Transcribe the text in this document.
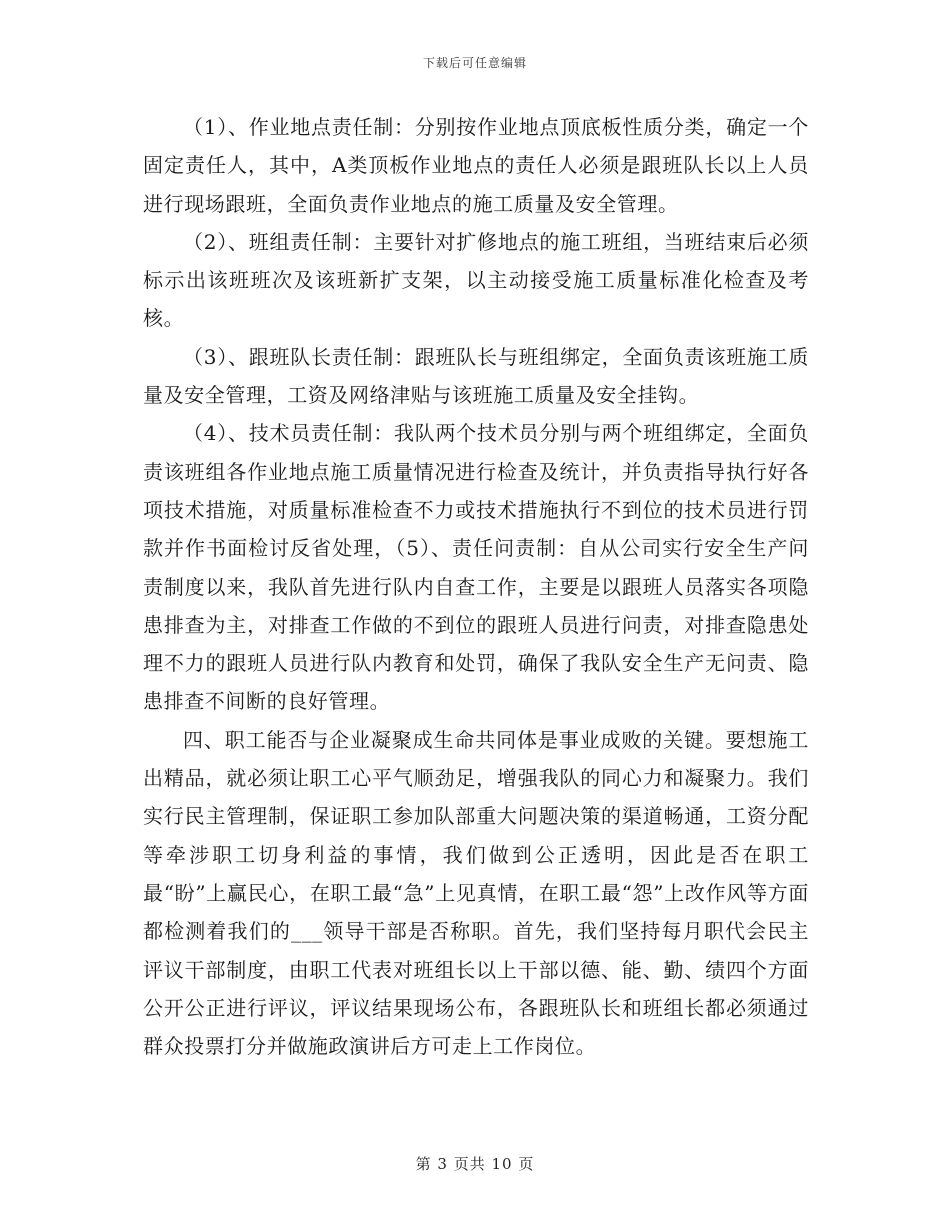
下载后可任意编辑

（1）、作业地点责任制：分别按作业地点顶底板性质分类，确定一个固定责任人，其中，A类顶板作业地点的责任人必须是跟班队长以上人员进行现场跟班，全面负责作业地点的施工质量及安全管理。

（2）、班组责任制：主要针对扩修地点的施工班组，当班结束后必须标示出该班班次及该班新扩支架，以主动接受施工质量标准化检查及考核。

（3）、跟班队长责任制：跟班队长与班组绑定，全面负责该班施工质量及安全管理，工资及网络津贴与该班施工质量及安全挂钩。

（4）、技术员责任制：我队两个技术员分别与两个班组绑定，全面负责该班组各作业地点施工质量情况进行检查及统计，并负责指导执行好各项技术措施，对质量标准检查不力或技术措施执行不到位的技术员进行罚款并作书面检讨反省处理，（5）、责任问责制：自从公司实行安全生产问责制度以来，我队首先进行队内自查工作，主要是以跟班人员落实各项隐患排查为主，对排查工作做的不到位的跟班人员进行问责，对排查隐患处理不力的跟班人员进行队内教育和处罚，确保了我队安全生产无问责、隐患排查不间断的良好管理。

四、职工能否与企业凝聚成生命共同体是事业成败的关键。要想施工出精品，就必须让职工心平气顺劲足，增强我队的同心力和凝聚力。我们实行民主管理制，保证职工参加队部重大问题决策的渠道畅通，工资分配等牵涉职工切身利益的事情，我们做到公正透明，因此是否在职工最“盼”上赢民心，在职工最“急”上见真情，在职工最“怨”上改作风等方面都检测着我们的___领导干部是否称职。首先，我们坚持每月职代会民主评议干部制度，由职工代表对班组长以上干部以德、能、勤、绩四个方面公开公正进行评议，评议结果现场公布，各跟班队长和班组长都必须通过群众投票打分并做施政演讲后方可走上工作岗位。

第 3 页共 10 页
